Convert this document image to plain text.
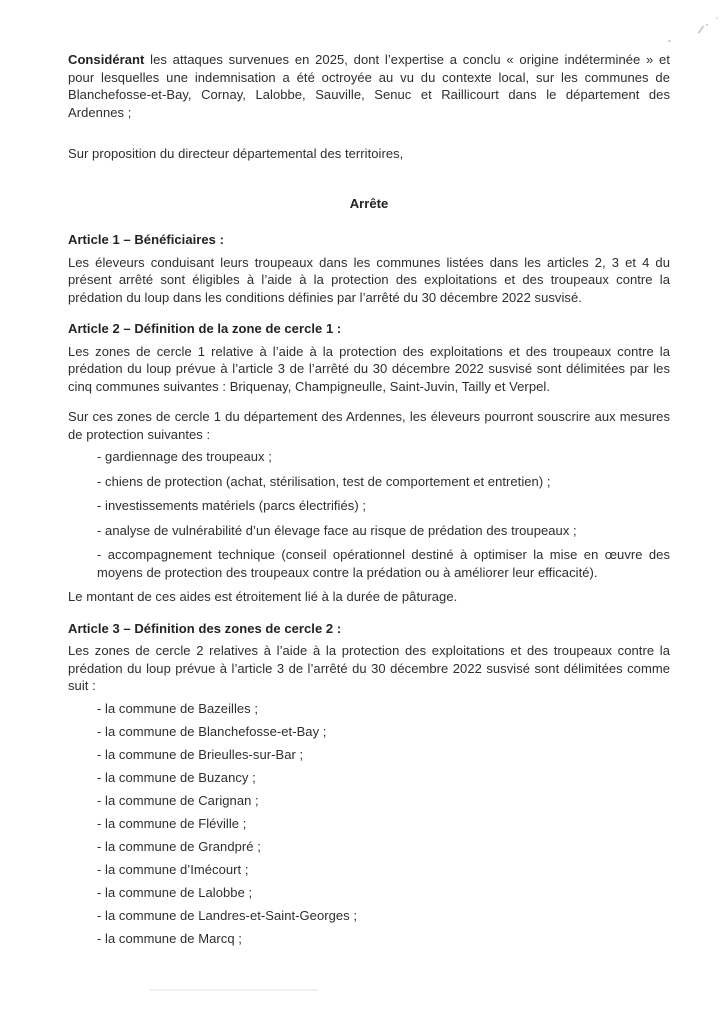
Considérant les attaques survenues en 2025, dont l’expertise a conclu « origine indéterminée » et pour lesquelles une indemnisation a été octroyée au vu du contexte local, sur les communes de Blanchefosse-et-Bay, Cornay, Lalobbe, Sauville, Senuc et Raillicourt dans le département des Ardennes ;

Sur proposition du directeur départemental des territoires,

Arrête

Article 1 – Bénéficiaires :

Les éleveurs conduisant leurs troupeaux dans les communes listées dans les articles 2, 3 et 4 du présent arrêté sont éligibles à l’aide à la protection des exploitations et des troupeaux contre la prédation du loup dans les conditions définies par l’arrêté du 30 décembre 2022 susvisé.

Article 2 – Définition de la zone de cercle 1 :

Les zones de cercle 1 relative à l’aide à la protection des exploitations et des troupeaux contre la prédation du loup prévue à l’article 3 de l’arrêté du 30 décembre 2022 susvisé sont délimitées par les cinq communes suivantes : Briquenay, Champigneulle, Saint-Juvin, Tailly et Verpel.

Sur ces zones de cercle 1 du département des Ardennes, les éleveurs pourront souscrire aux mesures de protection suivantes :

- gardiennage des troupeaux ;

- chiens de protection (achat, stérilisation, test de comportement et entretien) ;

- investissements matériels (parcs électrifiés) ;

- analyse de vulnérabilité d’un élevage face au risque de prédation des troupeaux ;

- accompagnement technique (conseil opérationnel destiné à optimiser la mise en œuvre des moyens de protection des troupeaux contre la prédation ou à améliorer leur efficacité).

Le montant de ces aides est étroitement lié à la durée de pâturage.

Article 3 – Définition des zones de cercle 2 :

Les zones de cercle 2 relatives à l’aide à la protection des exploitations et des troupeaux contre la prédation du loup prévue à l’article 3 de l’arrêté du 30 décembre 2022 susvisé sont délimitées comme suit :

- la commune de Bazeilles ;

- la commune de Blanchefosse-et-Bay ;

- la commune de Brieulles-sur-Bar ;

- la commune de Buzancy ;

- la commune de Carignan ;

- la commune de Fléville ;

- la commune de Grandpré ;

- la commune d’Imécourt ;

- la commune de Lalobbe ;

- la commune de Landres-et-Saint-Georges ;

- la commune de Marcq ;
